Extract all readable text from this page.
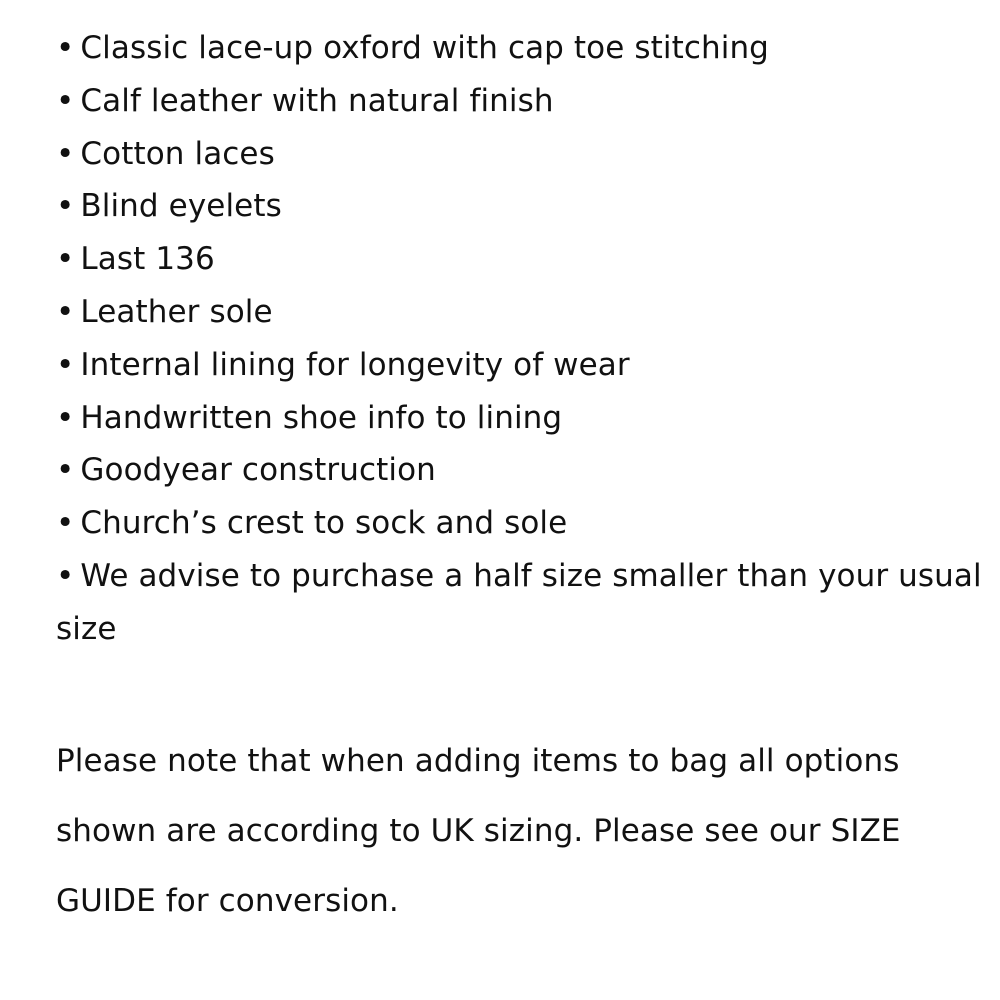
• Classic lace-up oxford with cap toe stitching
• Calf leather with natural finish
• Cotton laces
• Blind eyelets
• Last 136
• Leather sole
• Internal lining for longevity of wear
• Handwritten shoe info to lining
• Goodyear construction
• Church’s crest to sock and sole
• We advise to purchase a half size smaller than your usual size

Please note that when adding items to bag all options shown are according to UK sizing. Please see our SIZE GUIDE for conversion.
